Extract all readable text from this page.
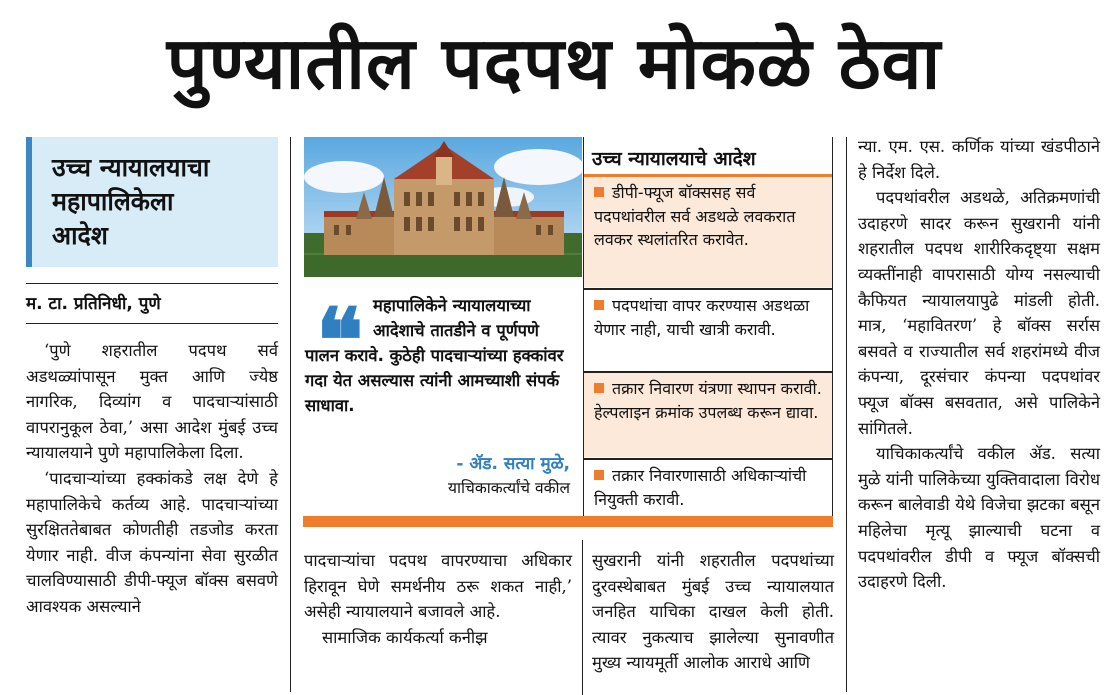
पुण्यातील पदपथ मोकळे ठेवा
उच्च न्यायालयाचा
महापालिकेला
आदेश
म. टा. प्रतिनिधी, पुणे

‘पुणे शहरातील पदपथ सर्व अडथळ्यांपासून मुक्त आणि ज्येष्ठ नागरिक, दिव्यांग व पादचाऱ्यांसाठी वापरानुकूल ठेवा,’ असा आदेश मुंबई उच्च न्यायालयाने पुणे महापालिकेला दिला.

‘पादचाऱ्यांच्या हक्कांकडे लक्ष देणे हे महापालिकेचे कर्तव्य आहे. पादचाऱ्यांच्या सुरक्षिततेबाबत कोणतीही तडजोड करता येणार नाही. वीज कंपन्यांना सेवा सुरळीत चालविण्यासाठी डीपी-फ्यूज बॉक्स बसवणे आवश्यक असल्याने

❝ महापालिकेने न्यायालयाच्या आदेशाचे तातडीने व पूर्णपणे पालन करावे. कुठेही पादचाऱ्यांच्या हक्कांवर गदा येत असल्यास त्यांनी आमच्याशी संपर्क साधावा.
- ॲड. सत्या मुळे,
याचिकाकर्त्यांचे वकील
उच्च न्यायालयाचे आदेश
डीपी-फ्यूज बॉक्ससह सर्व पदपथांवरील सर्व अडथळे लवकरात लवकर स्थलांतरित करावेत.
पदपथांचा वापर करण्यास अडथळा येणार नाही, याची खात्री करावी.
तक्रार निवारण यंत्रणा स्थापन करावी. हेल्पलाइन क्रमांक उपलब्ध करून द्यावा.
तक्रार निवारणासाठी अधिकाऱ्यांची नियुक्ती करावी.

पादचाऱ्यांचा पदपथ वापरण्याचा अधिकार हिरावून घेणे समर्थनीय ठरू शकत नाही,’ असेही न्यायालयाने बजावले आहे.

सामाजिक कार्यकर्त्या कनीझ

सुखरानी यांनी शहरातील पदपथांच्या दुरवस्थेबाबत मुंबई उच्च न्यायालयात जनहित याचिका दाखल केली होती. त्यावर नुकत्याच झालेल्या सुनावणीत मुख्य न्यायमूर्ती आलोक आराधे आणि

न्या. एम. एस. कर्णिक यांच्या खंडपीठाने हे निर्देश दिले.

पदपथांवरील अडथळे, अतिक्रमणांची उदाहरणे सादर करून सुखरानी यांनी शहरातील पदपथ शारीरिकदृष्ट्या सक्षम व्यक्तींनाही वापरासाठी योग्य नसल्याची कैफियत न्यायालयापुढे मांडली होती. मात्र, ‘महावितरण’ हे बॉक्स सर्रास बसवते व राज्यातील सर्व शहरांमध्ये वीज कंपन्या, दूरसंचार कंपन्या पदपथांवर फ्यूज बॉक्स बसवतात, असे पालिकेने सांगितले.

याचिकाकर्त्यांचे वकील ॲड. सत्या मुळे यांनी पालिकेच्या युक्तिवादाला विरोध करून बालेवाडी येथे विजेचा झटका बसून महिलेचा मृत्यू झाल्याची घटना व पदपथांवरील डीपी व फ्यूज बॉक्सची उदाहरणे दिली.
